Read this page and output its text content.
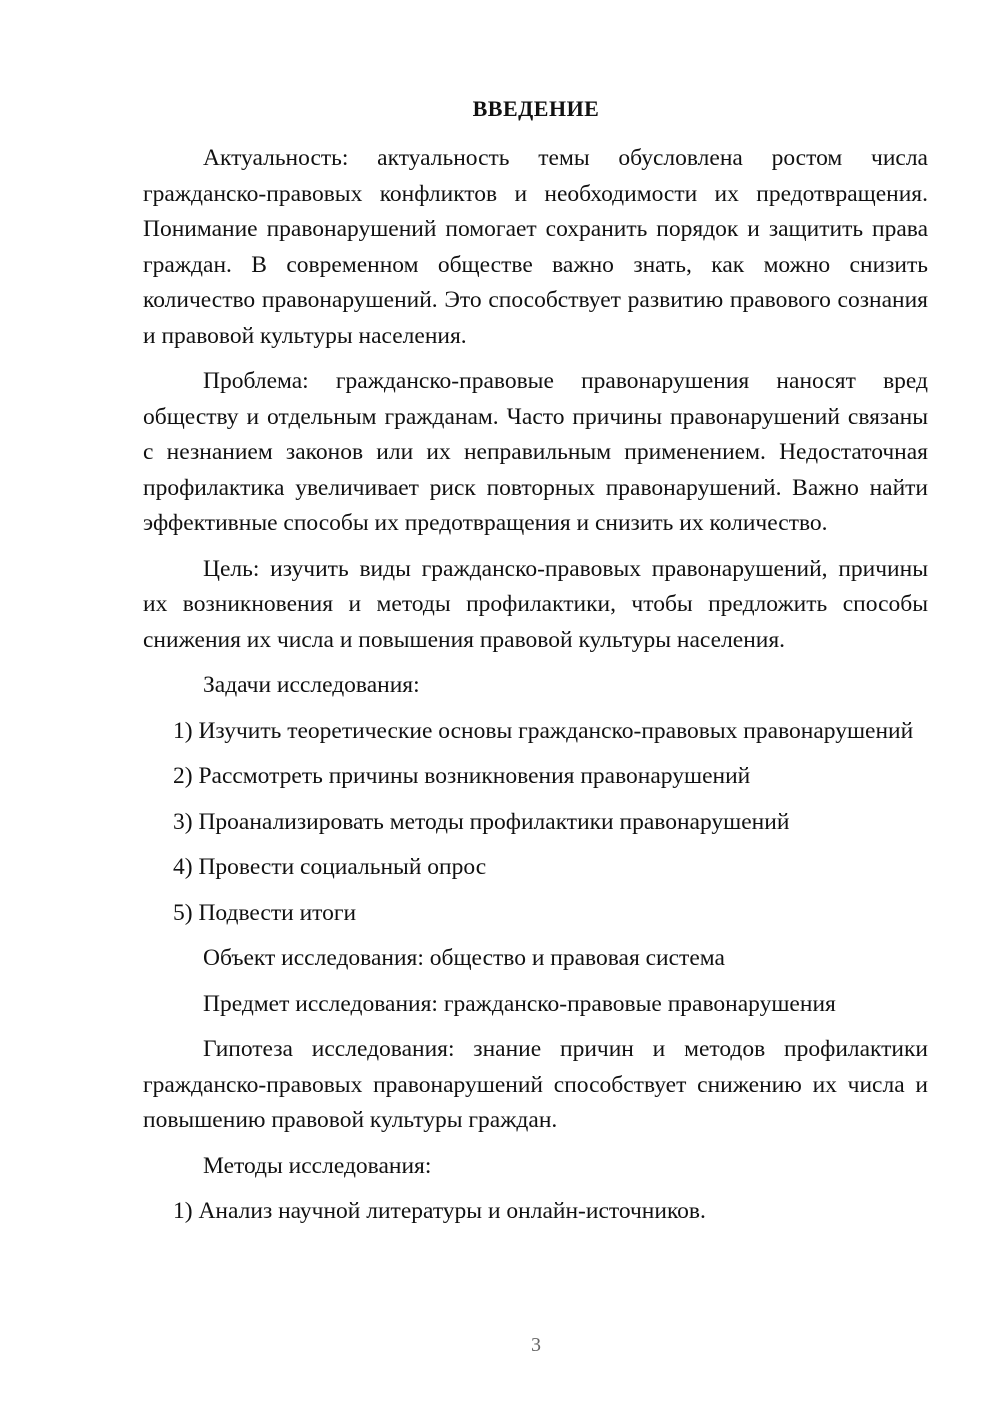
ВВЕДЕНИЕ

Актуальность: актуальность темы обусловлена ростом числа гражданско-правовых конфликтов и необходимости их предотвращения. Понимание правонарушений помогает сохранить порядок и защитить права граждан. В современном обществе важно знать, как можно снизить количество правонарушений. Это способствует развитию правового сознания и правовой культуры населения.

Проблема: гражданско-правовые правонарушения наносят вред обществу и отдельным гражданам. Часто причины правонарушений связаны с незнанием законов или их неправильным применением. Недостаточная профилактика увеличивает риск повторных правонарушений. Важно найти эффективные способы их предотвращения и снизить их количество.

Цель: изучить виды гражданско-правовых правонарушений, причины их возникновения и методы профилактики, чтобы предложить способы снижения их числа и повышения правовой культуры населения.

Задачи исследования:

1) Изучить теоретические основы гражданско-правовых правонарушений

2) Рассмотреть причины возникновения правонарушений

3) Проанализировать методы профилактики правонарушений

4) Провести социальный опрос

5) Подвести итоги

Объект исследования: общество и правовая система

Предмет исследования: гражданско-правовые правонарушения

Гипотеза исследования: знание причин и методов профилактики гражданско-правовых правонарушений способствует снижению их числа и повышению правовой культуры граждан.

Методы исследования:

1) Анализ научной литературы и онлайн-источников.

3
